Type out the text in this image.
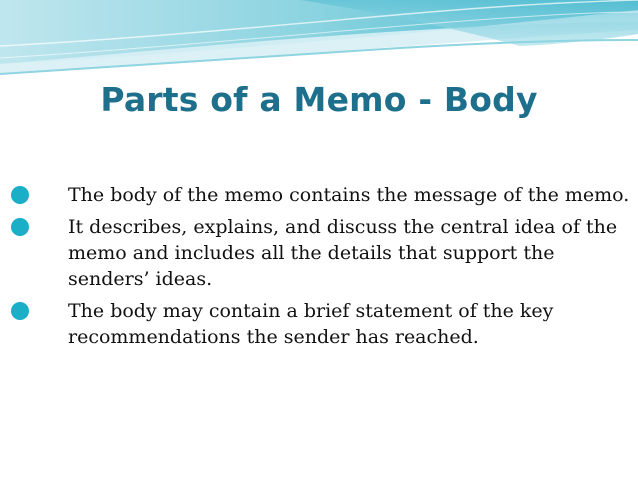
Parts of a Memo - Body
The body of the memo contains the message of the memo.
It describes, explains, and discuss the central idea of the memo and includes all the details that support the senders’ ideas.
The body may contain a brief statement of the key recommendations the sender has reached.
